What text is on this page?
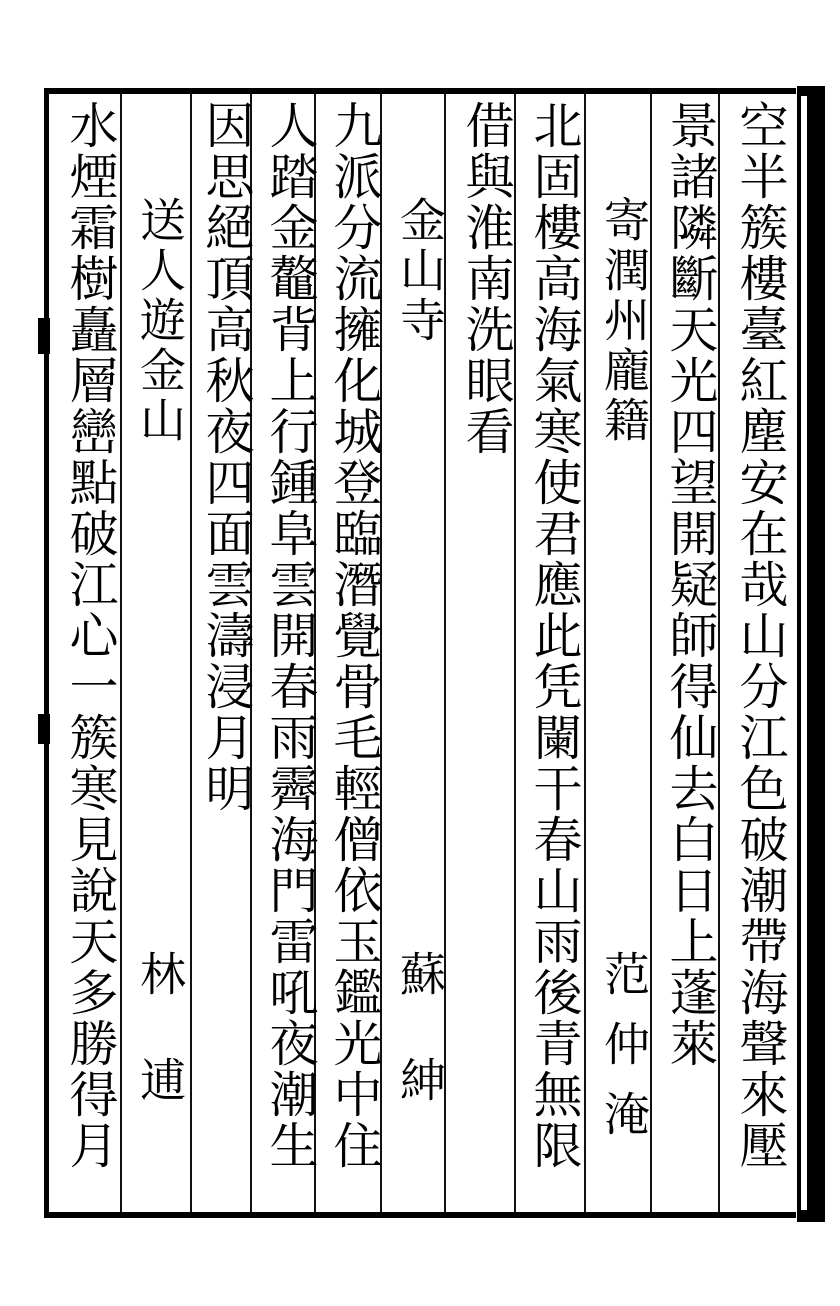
空半簇樓臺紅塵安在哉山分江色破潮帶海聲來壓
景諸隣斷天光四望開疑師得仙去白日上蓬萊
寄潤州龐籍
范仲淹
北固樓高海氣寒使君應此凭闌干春山雨後青無限
借與淮南洗眼看
金山寺
蘇紳
九派分流擁化城登臨潛覺骨毛輕僧依玉鑑光中住
人踏金鼇背上行鍾阜雲開春雨霽海門雷吼夜潮生
因思絕頂高秋夜四面雲濤浸月明
送人遊金山
林逋
水煙霜樹矗層巒點破江心一簇寒見說天多勝得月
